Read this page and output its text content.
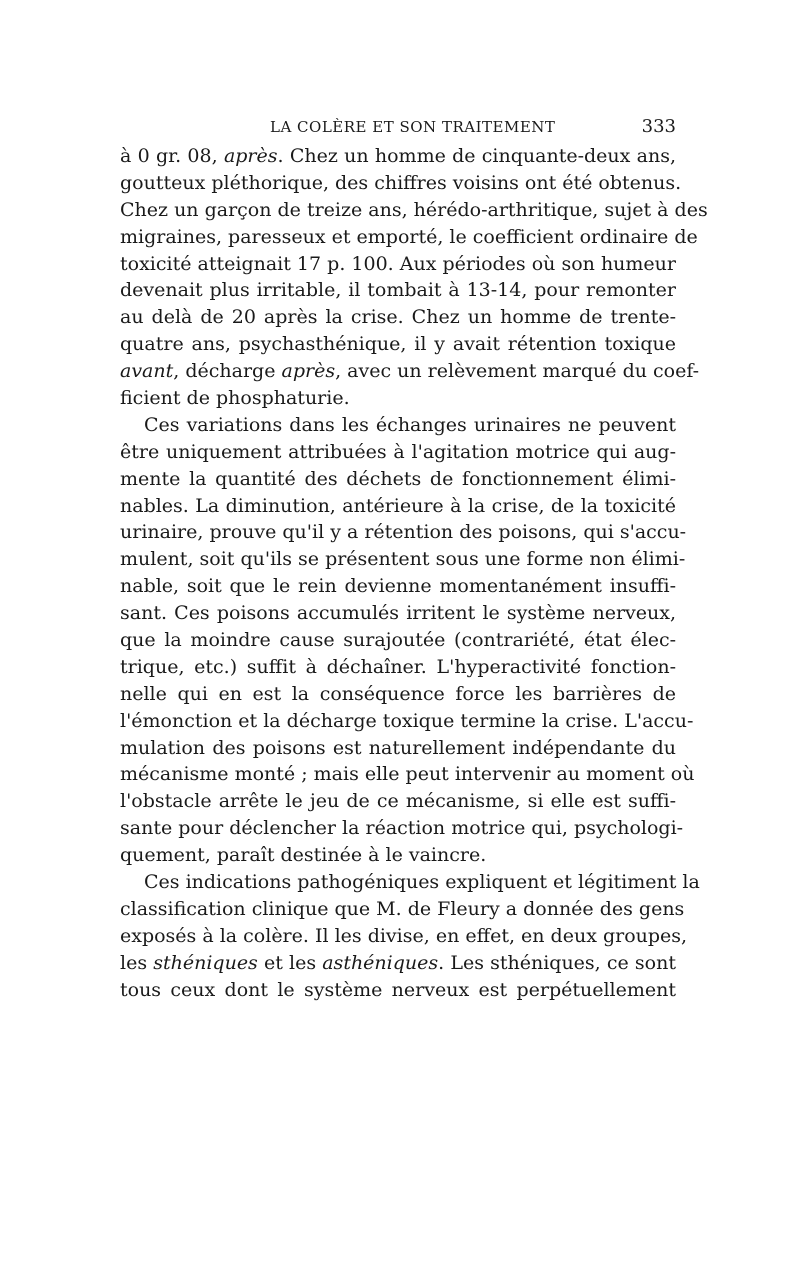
LA COLÈRE ET SON TRAITEMENT	333
à 0 gr. 08, après. Chez un homme de cinquante-deux ans,
goutteux pléthorique, des chiffres voisins ont été obtenus.
Chez un garçon de treize ans, hérédo-arthritique, sujet à des
migraines, paresseux et emporté, le coefficient ordinaire de
toxicité atteignait 17 p. 100. Aux périodes où son humeur
devenait plus irritable, il tombait à 13-14, pour remonter
au delà de 20 après la crise. Chez un homme de trente-
quatre ans, psychasthénique, il y avait rétention toxique
avant, décharge après, avec un relèvement marqué du coef-
ficient de phosphaturie.
Ces variations dans les échanges urinaires ne peuvent
être uniquement attribuées à l'agitation motrice qui aug-
mente la quantité des déchets de fonctionnement élimi-
nables. La diminution, antérieure à la crise, de la toxicité
urinaire, prouve qu'il y a rétention des poisons, qui s'accu-
mulent, soit qu'ils se présentent sous une forme non élimi-
nable, soit que le rein devienne momentanément insuffi-
sant. Ces poisons accumulés irritent le système nerveux,
que la moindre cause surajoutée (contrariété, état élec-
trique, etc.) suffit à déchaîner. L'hyperactivité fonction-
nelle qui en est la conséquence force les barrières de
l'émonction et la décharge toxique termine la crise. L'accu-
mulation des poisons est naturellement indépendante du
mécanisme monté ; mais elle peut intervenir au moment où
l'obstacle arrête le jeu de ce mécanisme, si elle est suffi-
sante pour déclencher la réaction motrice qui, psychologi-
quement, paraît destinée à le vaincre.
Ces indications pathogéniques expliquent et légitiment la
classification clinique que M. de Fleury a donnée des gens
exposés à la colère. Il les divise, en effet, en deux groupes,
les sthéniques et les asthéniques. Les sthéniques, ce sont
tous ceux dont le système nerveux est perpétuellement
